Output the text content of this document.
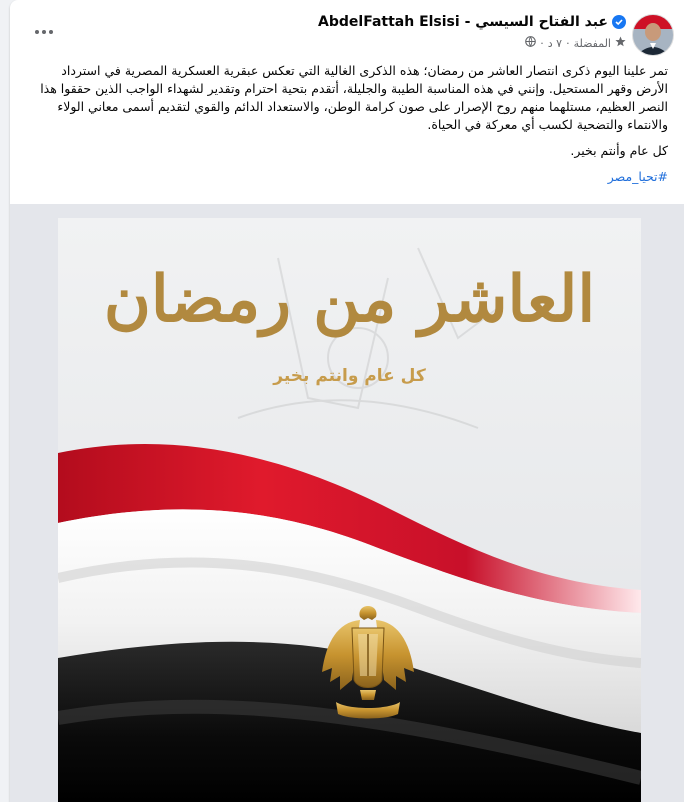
عبد الفتاح السيسي - AbdelFattah Elsisi
المفضلة
·
٧ د
·

تمر علينا اليوم ذكرى انتصار العاشر من رمضان؛ هذه الذكرى الغالية التي تعكس عبقرية العسكرية المصرية في استرداد الأرض وقهر المستحيل. وإنني في هذه المناسبة الطيبة والجليلة، أتقدم بتحية احترام وتقدير لشهداء الواجب الذين حققوا هذا النصر العظيم، مستلهما منهم روح الإصرار على صون كرامة الوطن، والاستعداد الدائم والقوي لتقديم أسمى معاني الولاء والانتماء والتضحية لكسب أي معركة في الحياة.

كل عام وأنتم بخير.

#تحيا_مصر

العاشر من رمضان
كل عام وانتم بخير
